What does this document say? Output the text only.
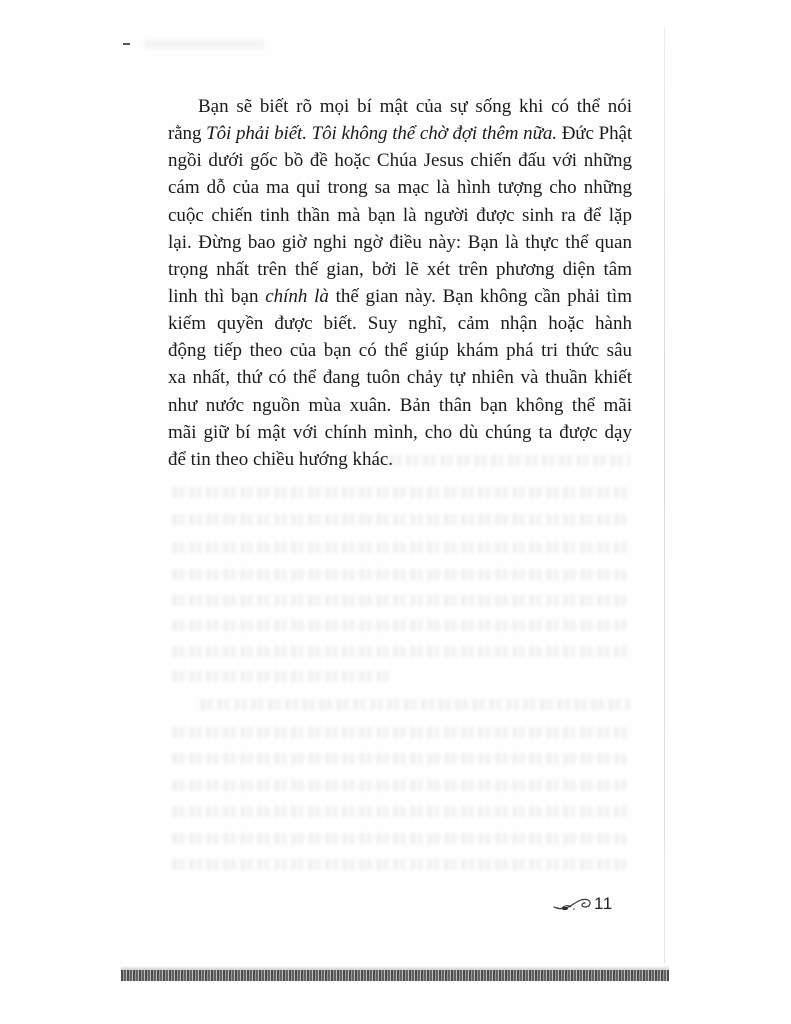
Bạn sẽ biết rõ mọi bí mật của sự sống khi có thể nói
rằng Tôi phải biết. Tôi không thể chờ đợi thêm nữa. Đức Phật
ngồi dưới gốc bồ đề hoặc Chúa Jesus chiến đấu với những
cám dỗ của ma quỉ trong sa mạc là hình tượng cho những
cuộc chiến tinh thần mà bạn là người được sinh ra để lặp
lại. Đừng bao giờ nghi ngờ điều này: Bạn là thực thể quan
trọng nhất trên thế gian, bởi lẽ xét trên phương diện tâm
linh thì bạn chính là thế gian này. Bạn không cần phải tìm
kiếm quyền được biết. Suy nghĩ, cảm nhận hoặc hành
động tiếp theo của bạn có thể giúp khám phá tri thức sâu
xa nhất, thứ có thể đang tuôn chảy tự nhiên và thuần khiết
như nước nguồn mùa xuân. Bản thân bạn không thể mãi
mãi giữ bí mật với chính mình, cho dù chúng ta được dạy
để tin theo chiều hướng khác.
11
